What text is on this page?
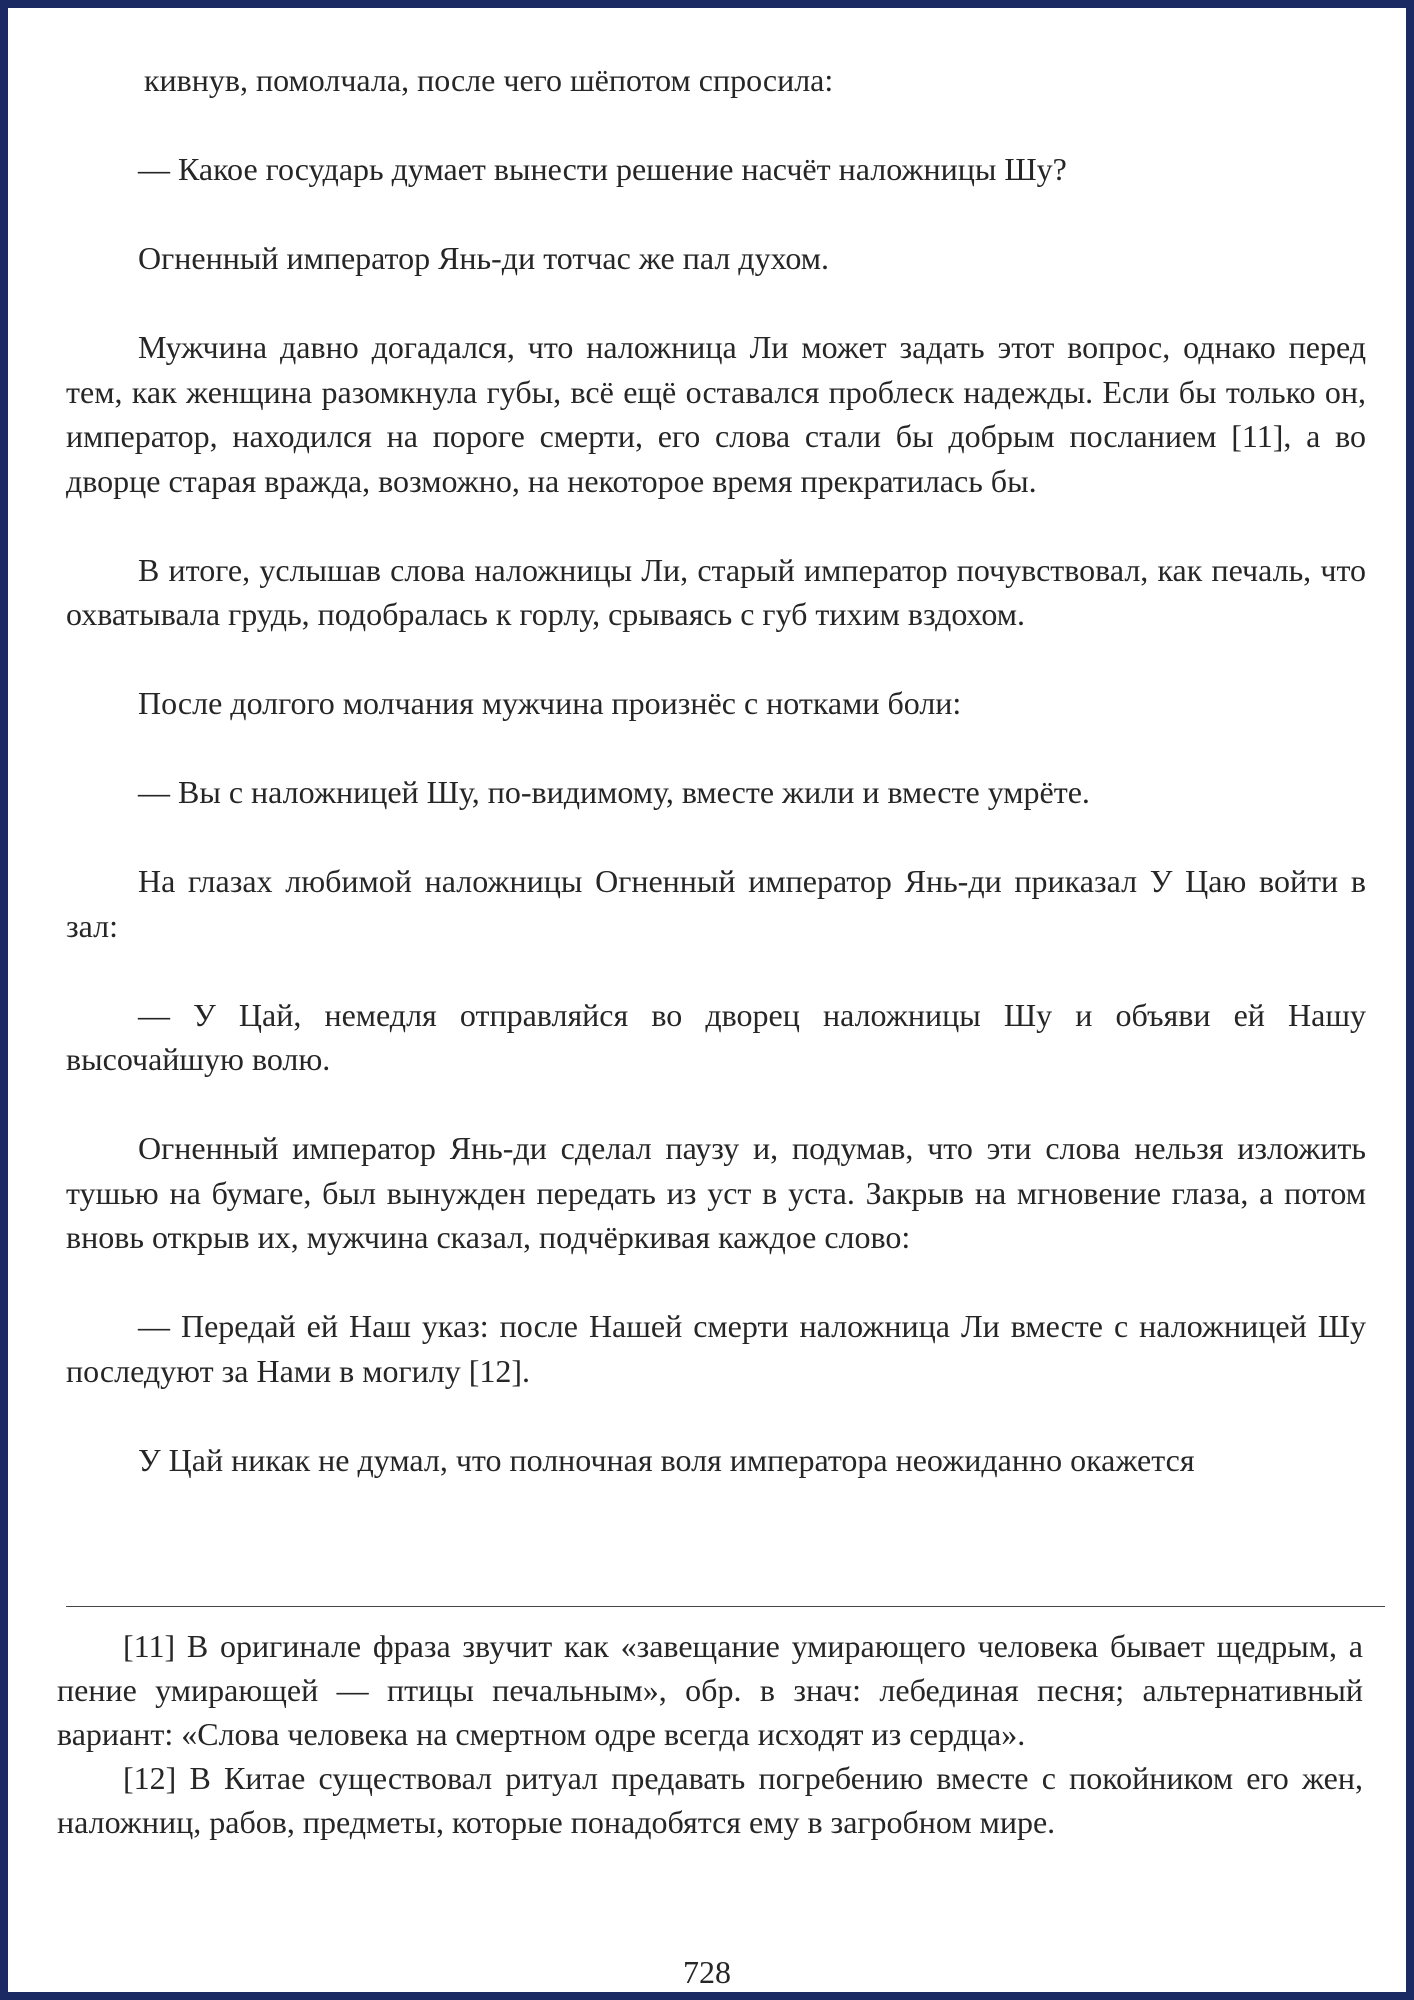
кивнув, помолчала, после чего шёпотом спросила:

— Какое государь думает вынести решение насчёт наложницы Шу?

Огненный император Янь-ди тотчас же пал духом.

Мужчина давно догадался, что наложница Ли может задать этот вопрос, однако перед тем, как женщина разомкнула губы, всё ещё оставался проблеск надежды. Если бы только он, император, находился на пороге смерти, его слова стали бы добрым посланием [11], а во дворце старая вражда, возможно, на некоторое время прекратилась бы.

В итоге, услышав слова наложницы Ли, старый император почувствовал, как печаль, что охватывала грудь, подобралась к горлу, срываясь с губ тихим вздохом.

После долгого молчания мужчина произнёс с нотками боли:

— Вы с наложницей Шу, по-видимому, вместе жили и вместе умрёте.

На глазах любимой наложницы Огненный император Янь-ди приказал У Цаю войти в зал:

— У Цай, немедля отправляйся во дворец наложницы Шу и объяви ей Нашу высочайшую волю.

Огненный император Янь-ди сделал паузу и, подумав, что эти слова нельзя изложить тушью на бумаге, был вынужден передать из уст в уста. Закрыв на мгновение глаза, а потом вновь открыв их, мужчина сказал, подчёркивая каждое слово:

— Передай ей Наш указ: после Нашей смерти наложница Ли вместе с наложницей Шу последуют за Нами в могилу [12].

У Цай никак не думал, что полночная воля императора неожиданно окажется

[11] В оригинале фраза звучит как «завещание умирающего человека бывает щедрым, а пение умирающей — птицы печальным», обр. в знач: лебединая песня; альтернативный вариант: «Слова человека на смертном одре всегда исходят из сердца».

[12] В Китае существовал ритуал предавать погребению вместе с покойником его жен, наложниц, рабов, предметы, которые понадобятся ему в загробном мире.

728
